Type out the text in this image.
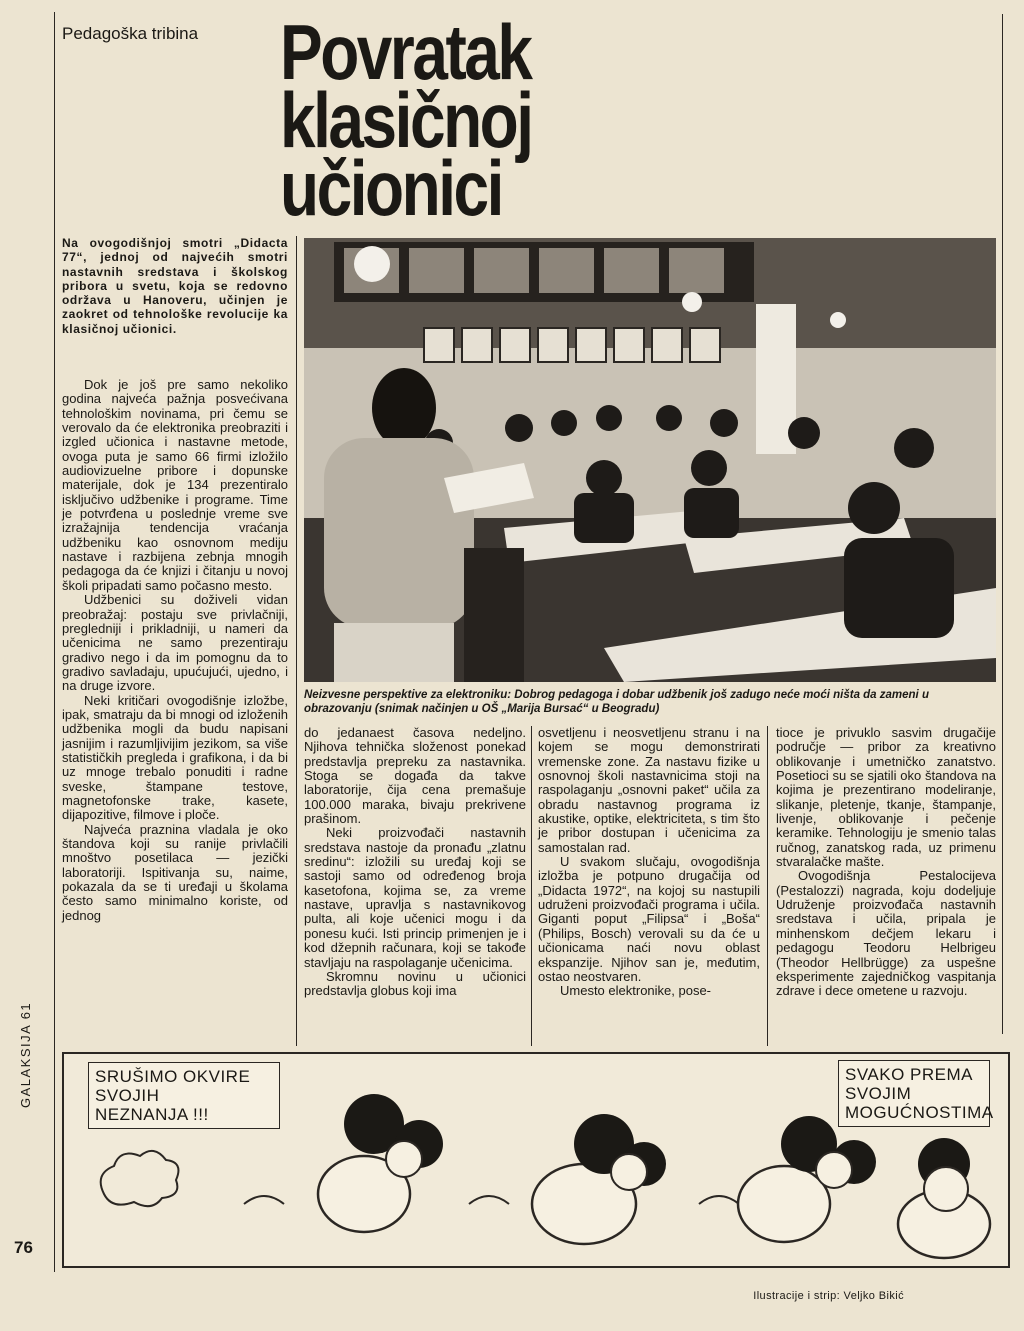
Pedagoška tribina Povratak
klasičnoj učionici
Na ovogodišnjoj smotri „Didacta 77“, jednoj od najvećih smotri nastavnih sredstava i školskog pribora u svetu, koja se redovno održava u Hanoveru, učinjen je zaokret od tehnološke revolucije ka klasičnoj učionici.

Dok je još pre samo nekoliko godina najveća pažnja posvećivana tehnološkim novinama, pri čemu se verovalo da će elektronika preobraziti i izgled učionica i nastavne metode, ovoga puta je samo 66 firmi izložilo audiovizuelne pribore i dopunske materijale, dok je 134 prezentiralo isključivo udžbenike i programe. Time je potvrđena u poslednje vreme sve izražajnija tendencija vraćanja udžbeniku kao osnovnom mediju nastave i razbijena zebnja mnogih pedagoga da će knjizi i čitanju u novoj školi pripadati samo počasno mesto.

Udžbenici su doživeli vidan preobražaj: postaju sve privlačniji, pregledniji i prikladniji, u nameri da učenicima ne samo prezentiraju gradivo nego i da im pomognu da to gradivo savladaju, upućujući, ujedno, i na druge izvore.

Neki kritičari ovogodišnje izložbe, ipak, smatraju da bi mnogi od izloženih udžbenika mogli da budu napisani jasnijim i razumljivijim jezikom, sa više statističkih pregleda i grafikona, i da bi uz mnoge trebalo ponuditi i radne sveske, štampane testove, magnetofonske trake, kasete, dijapozitive, filmove i ploče.

Najveća praznina vladala je oko štandova koji su ranije privlačili mnoštvo posetilaca — jezički laboratoriji. Ispitivanja su, naime, pokazala da se ti uređaji u školama često samo minimalno koriste, od jednog

Neizvesne perspektive za elektroniku: Dobrog pedagoga i dobar udžbenik još zadugo neće moći ništa da zameni u obrazovanju (snimak načinjen u OŠ „Marija Bursać“ u Beogradu)

do jedanaest časova nedeljno. Njihova tehnička složenost ponekad predstavlja prepreku za nastavnika. Stoga se događa da takve laboratorije, čija cena premašuje 100.000 maraka, bivaju prekrivene prašinom.

Neki proizvođači nastavnih sredstava nastoje da pronađu „zlatnu sredinu“: izložili su uređaj koji se sastoji samo od određenog broja kasetofona, kojima se, za vreme nastave, upravlja s nastavnikovog pulta, ali koje učenici mogu i da ponesu kući. Isti princip primenjen je i kod džepnih računara, koji se takođe stavljaju na raspolaganje učenicima.

Skromnu novinu u učionici predstavlja globus koji ima

osvetljenu i neosvetljenu stranu i na kojem se mogu demonstrirati vremenske zone. Za nastavu fizike u osnovnoj školi nastavnicima stoji na raspolaganju „osnovni paket“ učila za obradu nastavnog programa iz akustike, optike, elektriciteta, s tim što je pribor dostupan i učenicima za samostalan rad.

U svakom slučaju, ovogodišnja izložba je potpuno drugačija od „Didacta 1972“, na kojoj su nastupili udruženi proizvođači programa i učila. Giganti poput „Filipsa“ i „Boša“ (Philips, Bosch) verovali su da će u učionicama naći novu oblast ekspanzije. Njihov san je, međutim, ostao neostvaren.

Umesto elektronike, pose-

tioce je privuklo sasvim drugačije područje — pribor za kreativno oblikovanje i umetničko zanatstvo. Posetioci su se sjatili oko štandova na kojima je prezentirano modeliranje, slikanje, pletenje, tkanje, štampanje, livenje, oblikovanje i pečenje keramike. Tehnologiju je smenio talas ručnog, zanatskog rada, uz primenu stvaralačke mašte.

Ovogodišnja Pestalocijeva (Pestalozzi) nagrada, koju dodeljuje Udruženje proizvođača nastavnih sredstava i učila, pripala je minhenskom dečjem lekaru i pedagogu Teodoru Helbrigeu (Theodor Hellbrügge) za uspešne eksperimente zajedničkog vaspitanja zdrave i dece ometene u razvoju.

SRUŠIMO OKVIRE
SVOJIH
NEZNANJA !!!
SVAKO PREMA
SVOJIM
MOGUĆNOSTIMA
GALAKSIJA 61
76
Ilustracije i strip: Veljko Bikić
